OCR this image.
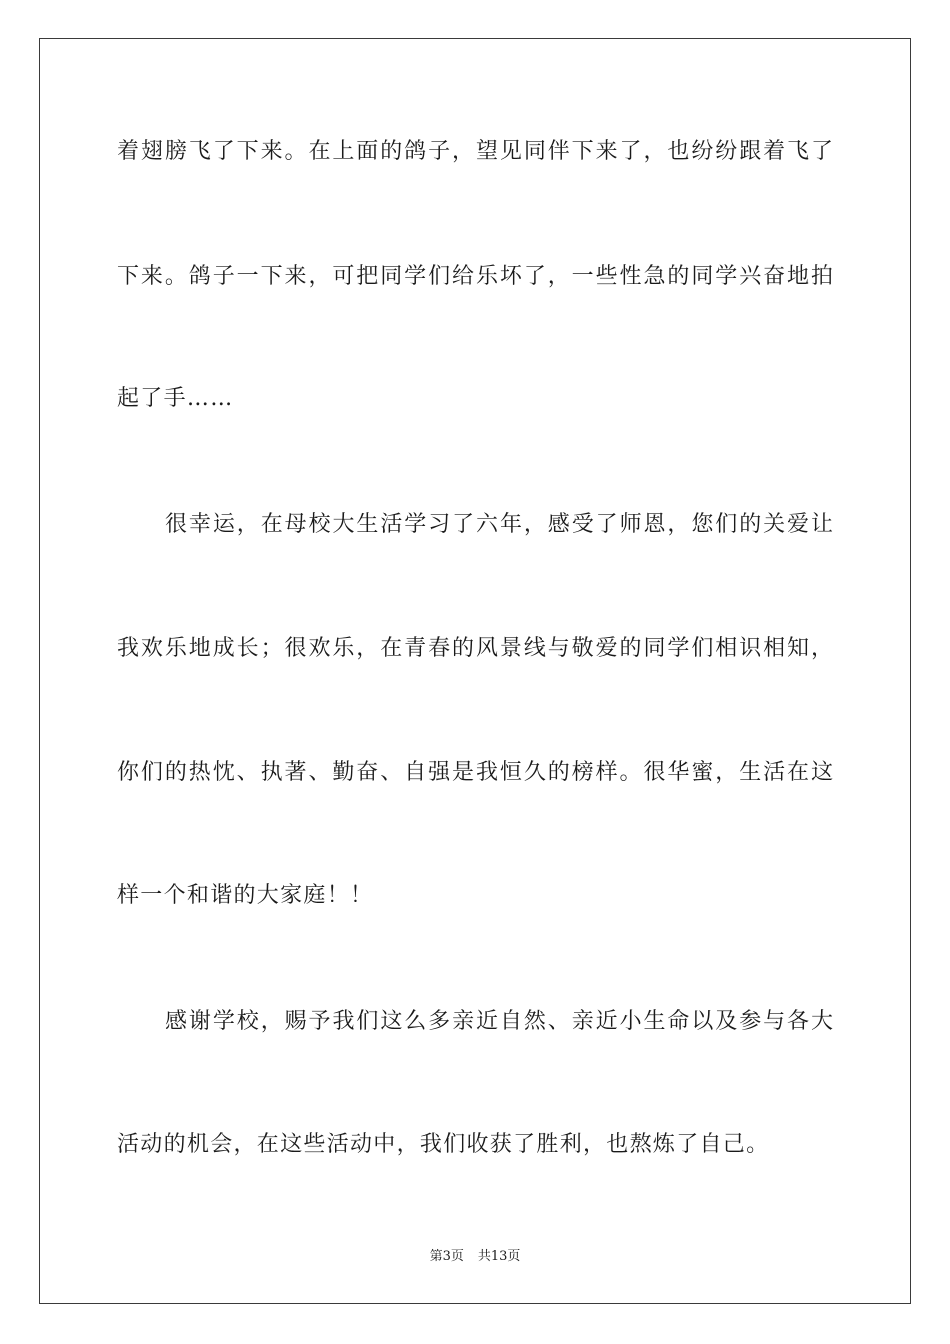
着翅膀飞了下来。在上面的鸽子，望见同伴下来了，也纷纷跟着飞了
下来。鸽子一下来，可把同学们给乐坏了，一些性急的同学兴奋地拍
起了手……
很幸运，在母校大生活学习了六年，感受了师恩，您们的关爱让
我欢乐地成长；很欢乐，在青春的风景线与敬爱的同学们相识相知，
你们的热忱、执著、勤奋、自强是我恒久的榜样。很华蜜，生活在这
样一个和谐的大家庭！！
感谢学校，赐予我们这么多亲近自然、亲近小生命以及参与各大
活动的机会，在这些活动中，我们收获了胜利，也熬炼了自己。
第3页 共13页
